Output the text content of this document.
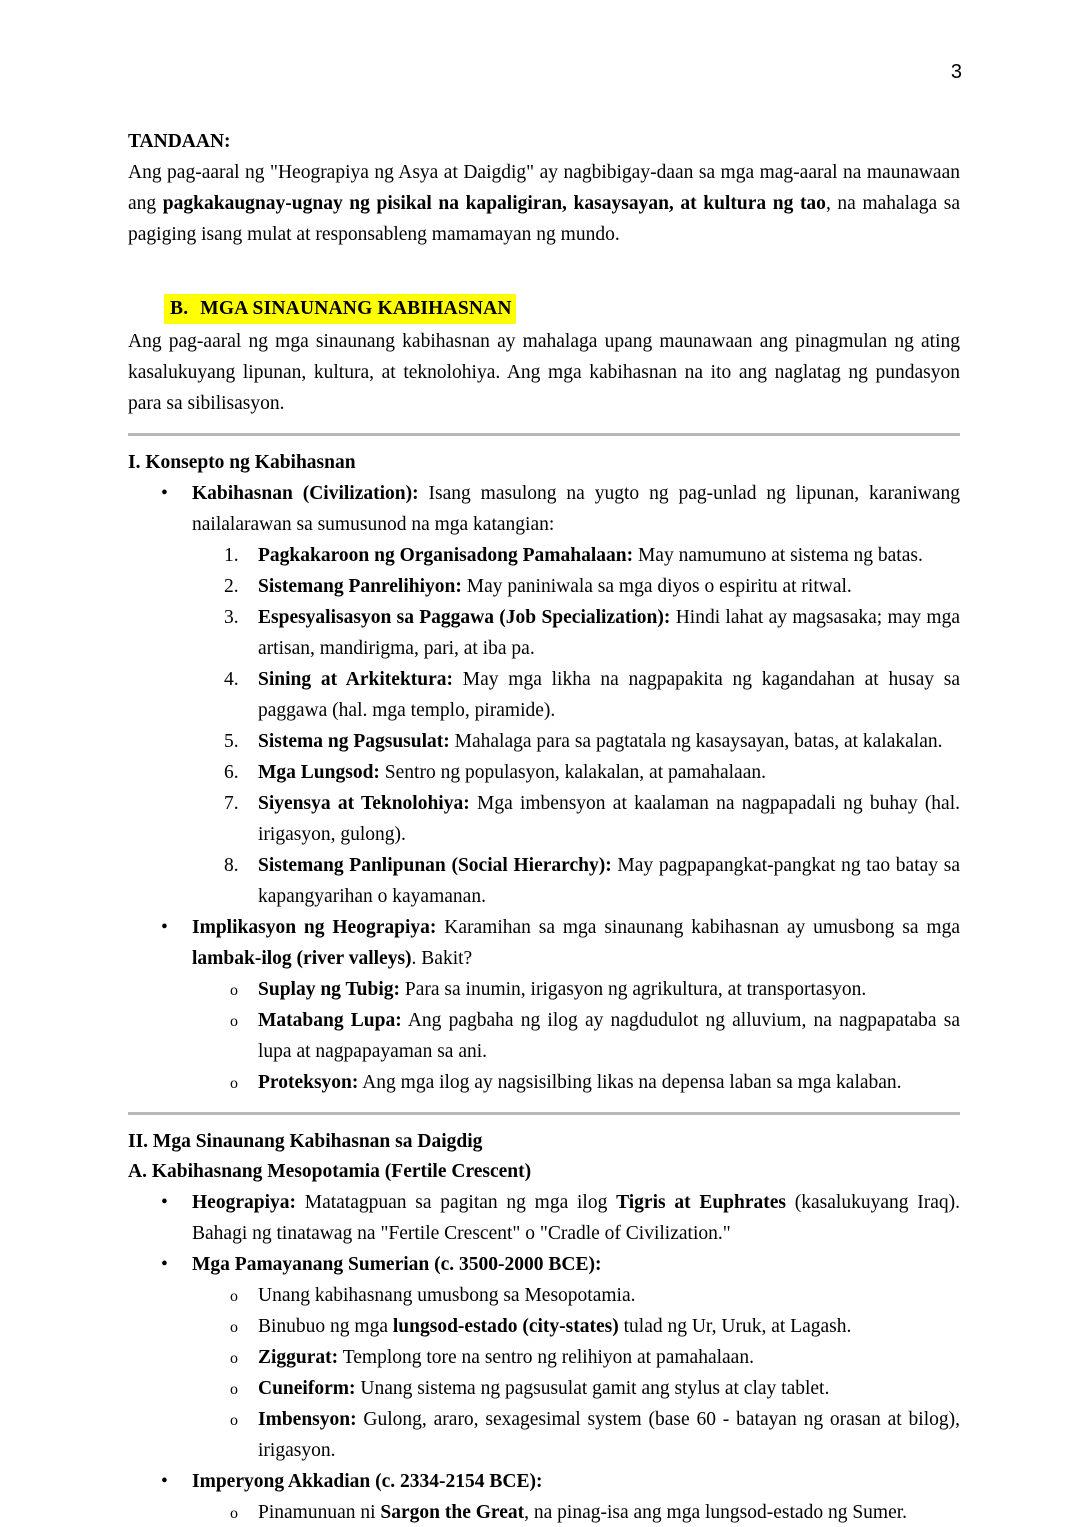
3
TANDAAN:

Ang pag-aaral ng "Heograpiya ng Asya at Daigdig" ay nagbibigay-daan sa mga mag-aaral na maunawaan ang pagkakaugnay-ugnay ng pisikal na kapaligiran, kasaysayan, at kultura ng tao, na mahalaga sa pagiging isang mulat at responsableng mamamayan ng mundo.

B. MGA SINAUNANG KABIHASNAN

Ang pag-aaral ng mga sinaunang kabihasnan ay mahalaga upang maunawaan ang pinagmulan ng ating kasalukuyang lipunan, kultura, at teknolohiya. Ang mga kabihasnan na ito ang naglatag ng pundasyon para sa sibilisasyon.

I. Konsepto ng Kabihasnan
• Kabihasnan (Civilization): Isang masulong na yugto ng pag-unlad ng lipunan, karaniwang nailalarawan sa sumusunod na mga katangian:
1. Pagkakaroon ng Organisadong Pamahalaan: May namumuno at sistema ng batas.
2. Sistemang Panrelihiyon: May paniniwala sa mga diyos o espiritu at ritwal.
3. Espesyalisasyon sa Paggawa (Job Specialization): Hindi lahat ay magsasaka; may mga artisan, mandirigma, pari, at iba pa.
4. Sining at Arkitektura: May mga likha na nagpapakita ng kagandahan at husay sa paggawa (hal. mga templo, piramide).
5. Sistema ng Pagsusulat: Mahalaga para sa pagtatala ng kasaysayan, batas, at kalakalan.
6. Mga Lungsod: Sentro ng populasyon, kalakalan, at pamahalaan.
7. Siyensya at Teknolohiya: Mga imbensyon at kaalaman na nagpapadali ng buhay (hal. irigasyon, gulong).
8. Sistemang Panlipunan (Social Hierarchy): May pagpapangkat-pangkat ng tao batay sa kapangyarihan o kayamanan.
• Implikasyon ng Heograpiya: Karamihan sa mga sinaunang kabihasnan ay umusbong sa mga lambak-ilog (river valleys). Bakit?
o Suplay ng Tubig: Para sa inumin, irigasyon ng agrikultura, at transportasyon.
o Matabang Lupa: Ang pagbaha ng ilog ay nagdudulot ng alluvium, na nagpapataba sa lupa at nagpapayaman sa ani.
o Proteksyon: Ang mga ilog ay nagsisilbing likas na depensa laban sa mga kalaban.
II. Mga Sinaunang Kabihasnan sa Daigdig
A. Kabihasnang Mesopotamia (Fertile Crescent)
• Heograpiya: Matatagpuan sa pagitan ng mga ilog Tigris at Euphrates (kasalukuyang Iraq). Bahagi ng tinatawag na "Fertile Crescent" o "Cradle of Civilization."
• Mga Pamayanang Sumerian (c. 3500-2000 BCE):
o Unang kabihasnang umusbong sa Mesopotamia.
o Binubuo ng mga lungsod-estado (city-states) tulad ng Ur, Uruk, at Lagash.
o Ziggurat: Templong tore na sentro ng relihiyon at pamahalaan.
o Cuneiform: Unang sistema ng pagsusulat gamit ang stylus at clay tablet.
o Imbensyon: Gulong, araro, sexagesimal system (base 60 - batayan ng orasan at bilog), irigasyon.
• Imperyong Akkadian (c. 2334-2154 BCE):
o Pinamunuan ni Sargon the Great, na pinag-isa ang mga lungsod-estado ng Sumer.
